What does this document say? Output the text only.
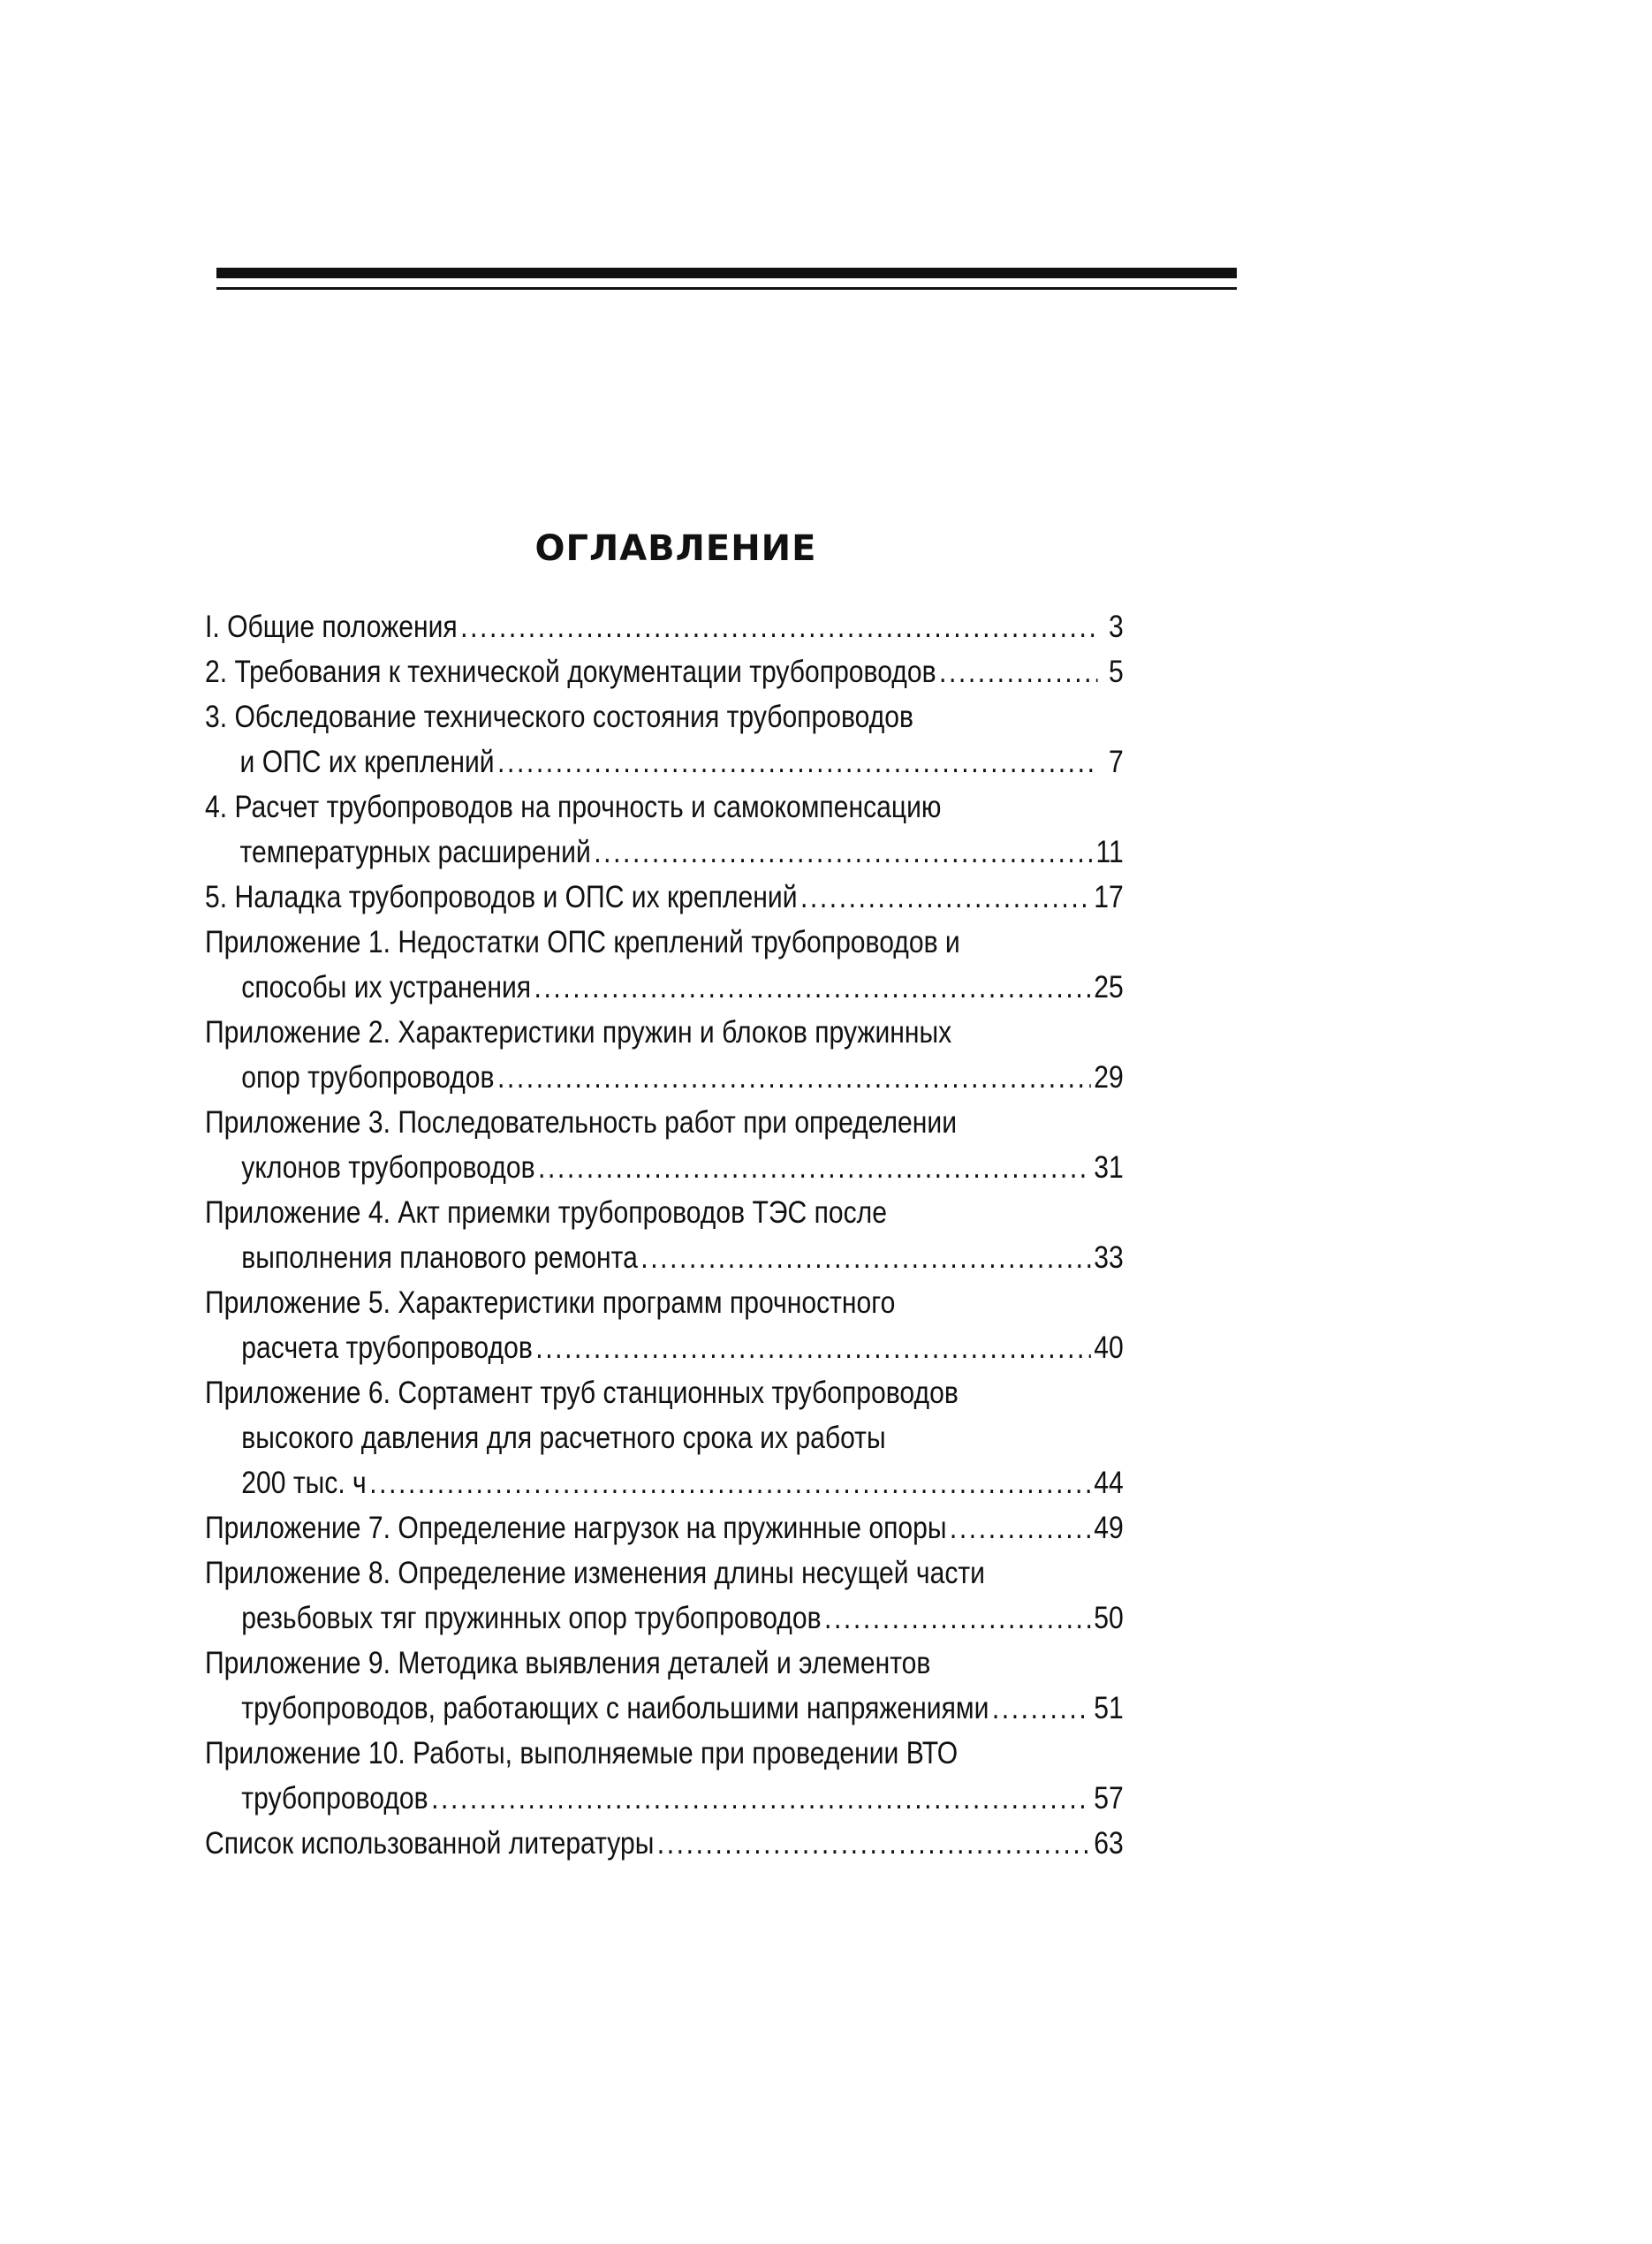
ОГЛАВЛЕНИЕ
I. Общие положения .....	3
2. Требования к технической документации трубопроводов .....	5
3. Обследование технического состояния трубопроводов
и ОПС их креплений .....	7
4. Расчет трубопроводов на прочность и самокомпенсацию
температурных расширений .....	11
5. Наладка трубопроводов и ОПС их креплений .....	17
Приложение 1. Недостатки ОПС креплений трубопроводов и
способы их устранения .....	25
Приложение 2. Характеристики пружин и блоков пружинных
опор трубопроводов .....	29
Приложение 3. Последовательность работ при определении
уклонов трубопроводов .....	31
Приложение 4. Акт приемки трубопроводов ТЭС после
выполнения планового ремонта .....	33
Приложение 5. Характеристики программ прочностного
расчета трубопроводов .....	40
Приложение 6. Сортамент труб станционных трубопроводов
высокого давления для расчетного срока их работы
200 тыс. ч .....	44
Приложение 7. Определение нагрузок на пружинные опоры .....	49
Приложение 8. Определение изменения длины несущей части
резьбовых тяг пружинных опор трубопроводов .....	50
Приложение 9. Методика выявления деталей и элементов
трубопроводов, работающих с наибольшими напряжениями .....	51
Приложение 10. Работы, выполняемые при проведении ВТО
трубопроводов .....	57
Список использованной литературы .....	63
